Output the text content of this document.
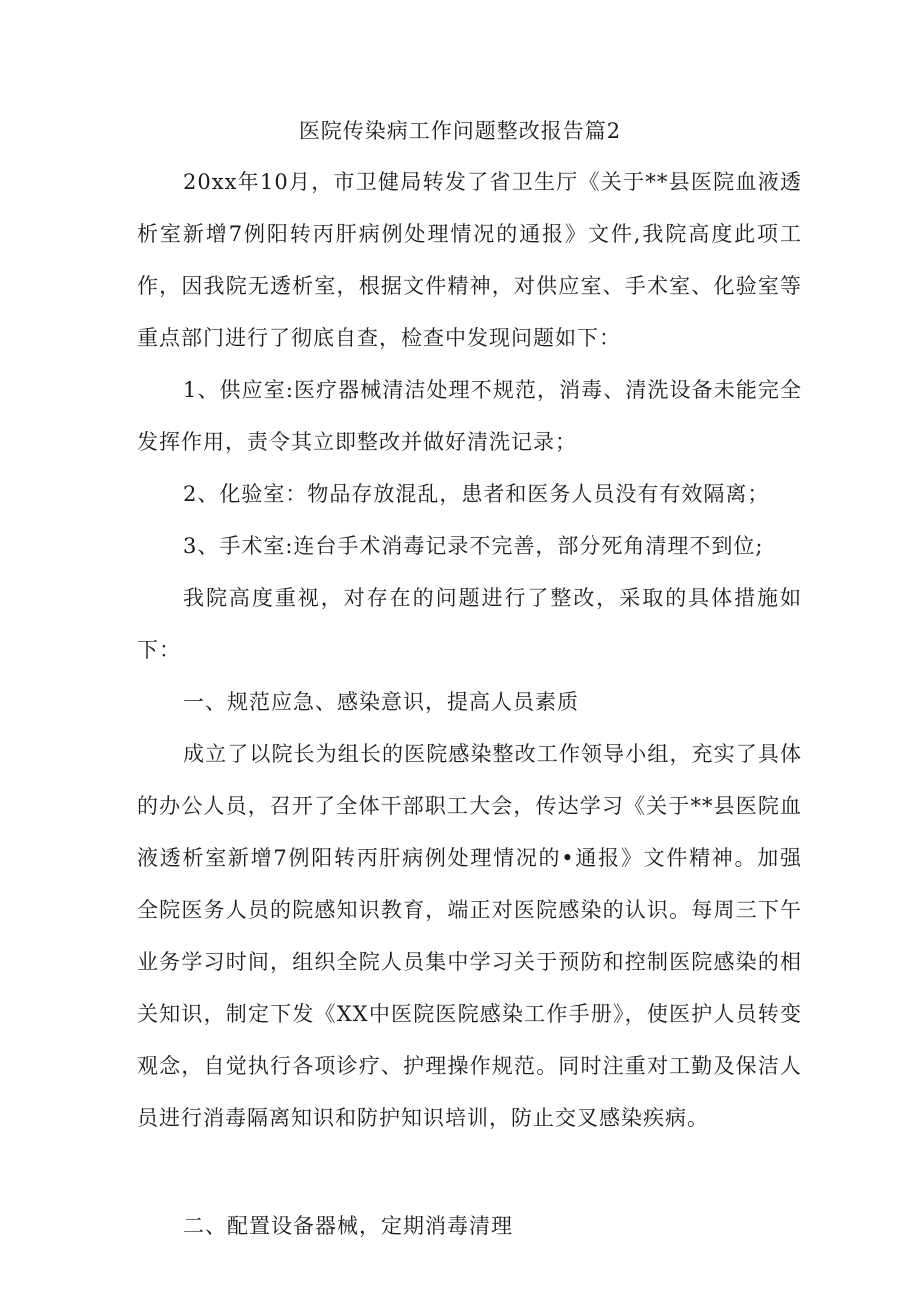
医院传染病工作问题整改报告篇2

20xx年10月，市卫健局转发了省卫生厅《关于**县医院血液透析室新增7例阳转丙肝病例处理情况的通报》文件,我院高度此项工作，因我院无透析室，根据文件精神，对供应室、手术室、化验室等重点部门进行了彻底自查，检查中发现问题如下：

1、供应室:医疗器械清洁处理不规范，消毒、清洗设备未能完全发挥作用，责令其立即整改并做好清洗记录；

2、化验室：物品存放混乱，患者和医务人员没有有效隔离；

3、手术室:连台手术消毒记录不完善，部分死角清理不到位;

我院高度重视，对存在的问题进行了整改，采取的具体措施如下：

一、规范应急、感染意识，提高人员素质

成立了以院长为组长的医院感染整改工作领导小组，充实了具体的办公人员，召开了全体干部职工大会，传达学习《关于**县医院血液透析室新增7例阳转丙肝病例处理情况的•通报》文件精神。加强全院医务人员的院感知识教育，端正对医院感染的认识。每周三下午业务学习时间，组织全院人员集中学习关于预防和控制医院感染的相关知识，制定下发《XX中医院医院感染工作手册》，使医护人员转变观念，自觉执行各项诊疗、护理操作规范。同时注重对工勤及保洁人员进行消毒隔离知识和防护知识培训，防止交叉感染疾病。

二、配置设备器械，定期消毒清理
